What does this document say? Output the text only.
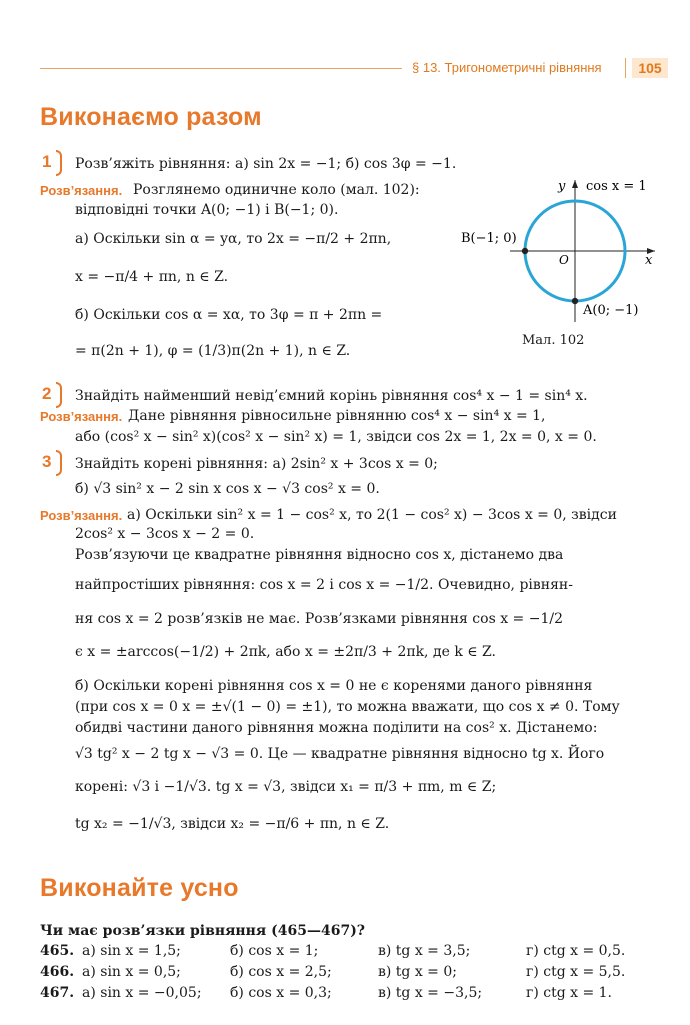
§ 13. Тригонометричні рівняння	105
Виконаємо разом
1 Розв’яжіть рівняння: а) sin 2x = −1; б) cos 3φ = −1.
Розв’язання. Розглянемо одиничне коло (мал. 102):
відповідні точки A(0; −1) і B(−1; 0).
а) Оскільки sin α = yα, то 2x = −π/2 + 2πn,
x = −π/4 + πn, n ∈ Z.
б) Оскільки cos α = xα, то 3φ = π + 2πn =
= π(2n + 1), φ = (1/3)π(2n + 1), n ∈ Z.
y cos x = 1
x
O
B(−1; 0)
A(0; −1)
Мал. 102
2 Знайдіть найменший невід’ємний корінь рівняння cos⁴ x − 1 = sin⁴ x.
Розв’язання. Дане рівняння рівносильне рівнянню cos⁴ x − sin⁴ x = 1,
або (cos² x − sin² x)(cos² x − sin² x) = 1, звідси cos 2x = 1, 2x = 0, x = 0.
3 Знайдіть корені рівняння: а) 2sin² x + 3cos x = 0;
б) √3 sin² x − 2 sin x cos x − √3 cos² x = 0.
Розв’язання. а) Оскільки sin² x = 1 − cos² x, то 2(1 − cos² x) − 3cos x = 0, звідси
2cos² x − 3cos x − 2 = 0.
Розв’язуючи це квадратне рівняння відносно cos x, дістанемо два
найпростіших рівняння: cos x = 2 і cos x = −1/2. Очевидно, рівнян-
ня cos x = 2 розв’язків не має. Розв’язками рівняння cos x = −1/2
є x = ±arccos(−1/2) + 2πk, або x = ±2π/3 + 2πk, де k ∈ Z.
б) Оскільки корені рівняння cos x = 0 не є коренями даного рівняння
(при cos x = 0 x = ±√(1 − 0) = ±1), то можна вважати, що cos x ≠ 0. Тому
обидві частини даного рівняння можна поділити на cos² x. Дістанемо:
√3 tg² x − 2 tg x − √3 = 0. Це — квадратне рівняння відносно tg x. Його
корені: √3 і −1/√3. tg x = √3, звідси x₁ = π/3 + πm, m ∈ Z;
tg x₂ = −1/√3, звідси x₂ = −π/6 + πn, n ∈ Z.
Виконайте усно
Чи має розв’язки рівняння (465—467)?
465. а) sin x = 1,5;	б) cos x = 1;	в) tg x = 3,5;	г) ctg x = 0,5.
466. а) sin x = 0,5;	б) cos x = 2,5;	в) tg x = 0;	г) ctg x = 5,5.
467. а) sin x = −0,05; б) cos x = 0,3;	в) tg x = −3,5;	г) ctg x = 1.
